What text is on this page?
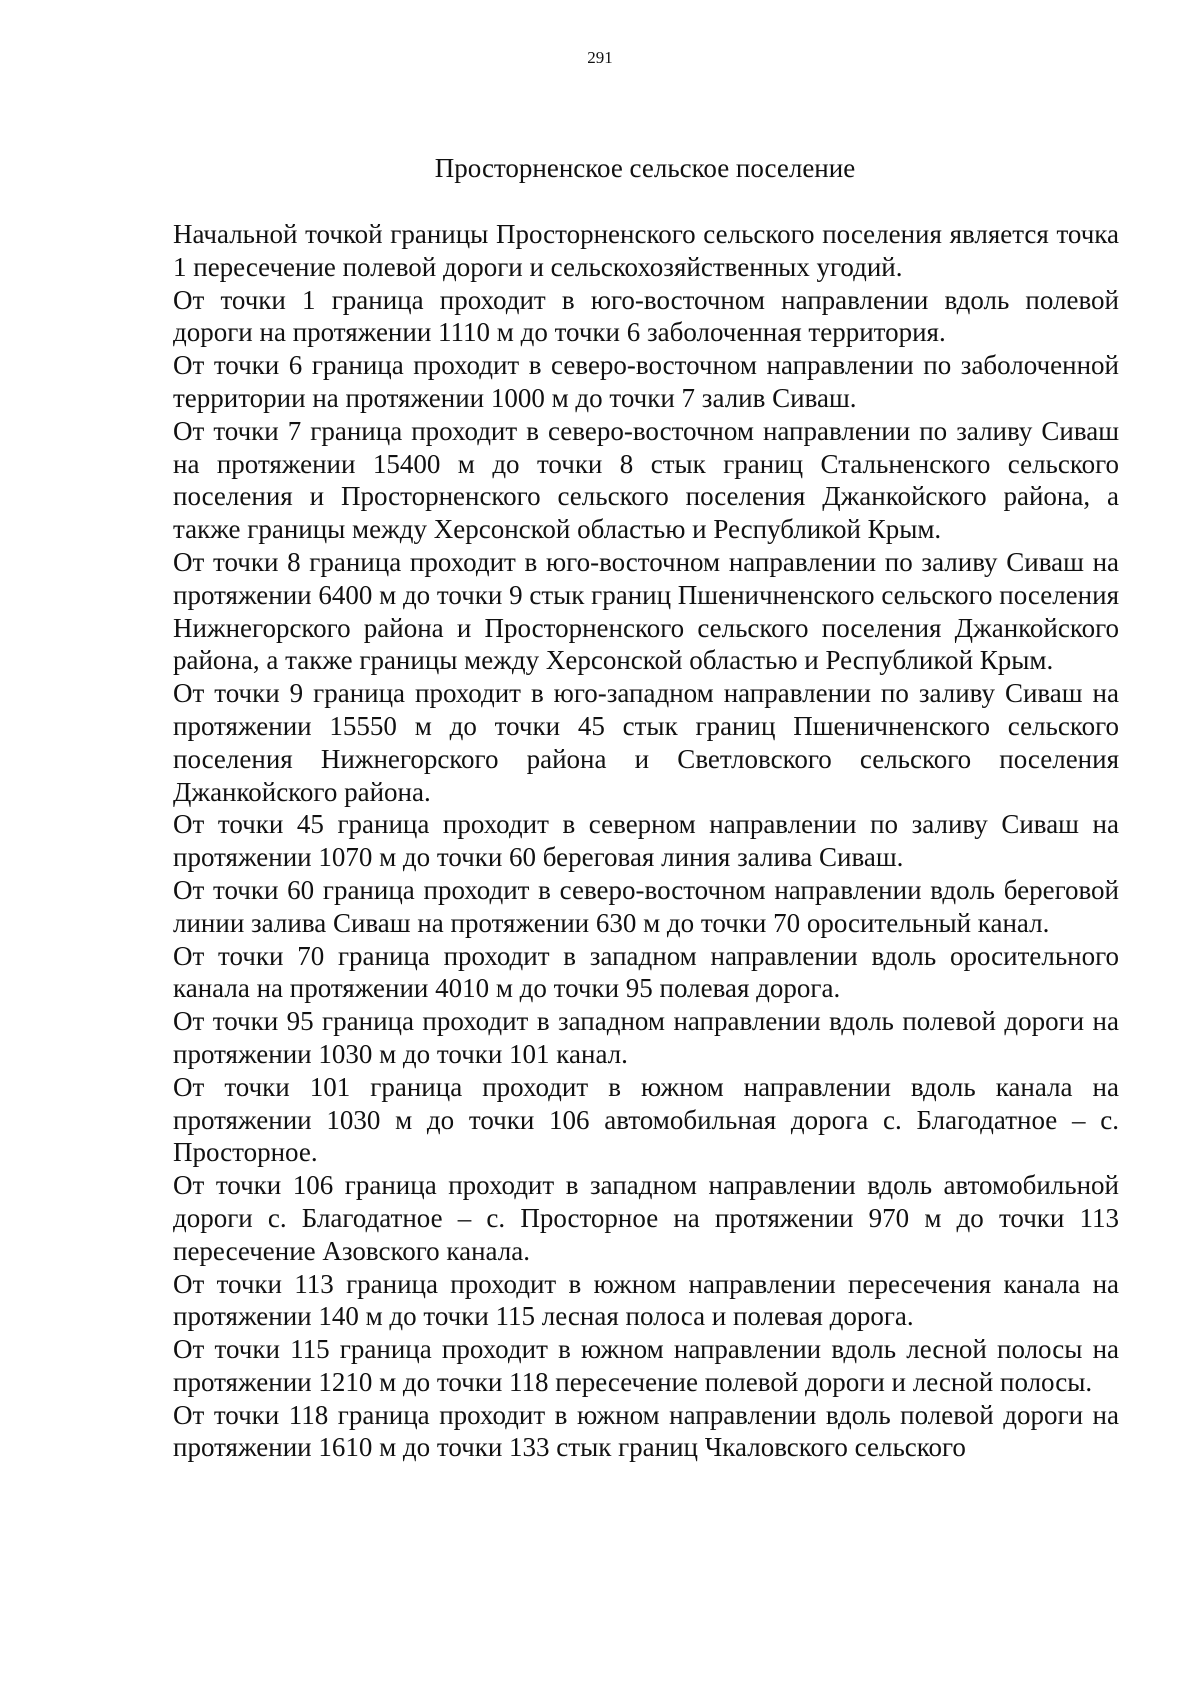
291
Просторненское сельское поселение

Начальной точкой границы Просторненского сельского поселения является точка 1 пересечение полевой дороги и сельскохозяйственных угодий.

От точки 1 граница проходит в юго-восточном направлении вдоль полевой дороги на протяжении 1110 м до точки 6 заболоченная территория.

От точки 6 граница проходит в северо-восточном направлении по заболоченной территории на протяжении 1000 м до точки 7 залив Сиваш.

От точки 7 граница проходит в северо-восточном направлении по заливу Сиваш на протяжении 15400 м до точки 8 стык границ Стальненского сельского поселения и Просторненского сельского поселения Джанкойского района, а также границы между Херсонской областью и Республикой Крым.

От точки 8 граница проходит в юго-восточном направлении по заливу Сиваш на протяжении 6400 м до точки 9 стык границ Пшеничненского сельского поселения Нижнегорского района и Просторненского сельского поселения Джанкойского района, а также границы между Херсонской областью и Республикой Крым.

От точки 9 граница проходит в юго-западном направлении по заливу Сиваш на протяжении 15550 м до точки 45 стык границ Пшеничненского сельского поселения Нижнегорского района и Светловского сельского поселения Джанкойского района.

От точки 45 граница проходит в северном направлении по заливу Сиваш на протяжении 1070 м до точки 60 береговая линия залива Сиваш.

От точки 60 граница проходит в северо-восточном направлении вдоль береговой линии залива Сиваш на протяжении 630 м до точки 70 оросительный канал.

От точки 70 граница проходит в западном направлении вдоль оросительного канала на протяжении 4010 м до точки 95 полевая дорога.

От точки 95 граница проходит в западном направлении вдоль полевой дороги на протяжении 1030 м до точки 101 канал.

От точки 101 граница проходит в южном направлении вдоль канала на протяжении 1030 м до точки 106 автомобильная дорога с. Благодатное – с. Просторное.

От точки 106 граница проходит в западном направлении вдоль автомобильной дороги с. Благодатное – с. Просторное на протяжении 970 м до точки 113 пересечение Азовского канала.

От точки 113 граница проходит в южном направлении пересечения канала на протяжении 140 м до точки 115 лесная полоса и полевая дорога.

От точки 115 граница проходит в южном направлении вдоль лесной полосы на протяжении 1210 м до точки 118 пересечение полевой дороги и лесной полосы.

От точки 118 граница проходит в южном направлении вдоль полевой дороги на протяжении 1610 м до точки 133 стык границ Чкаловского сельского
